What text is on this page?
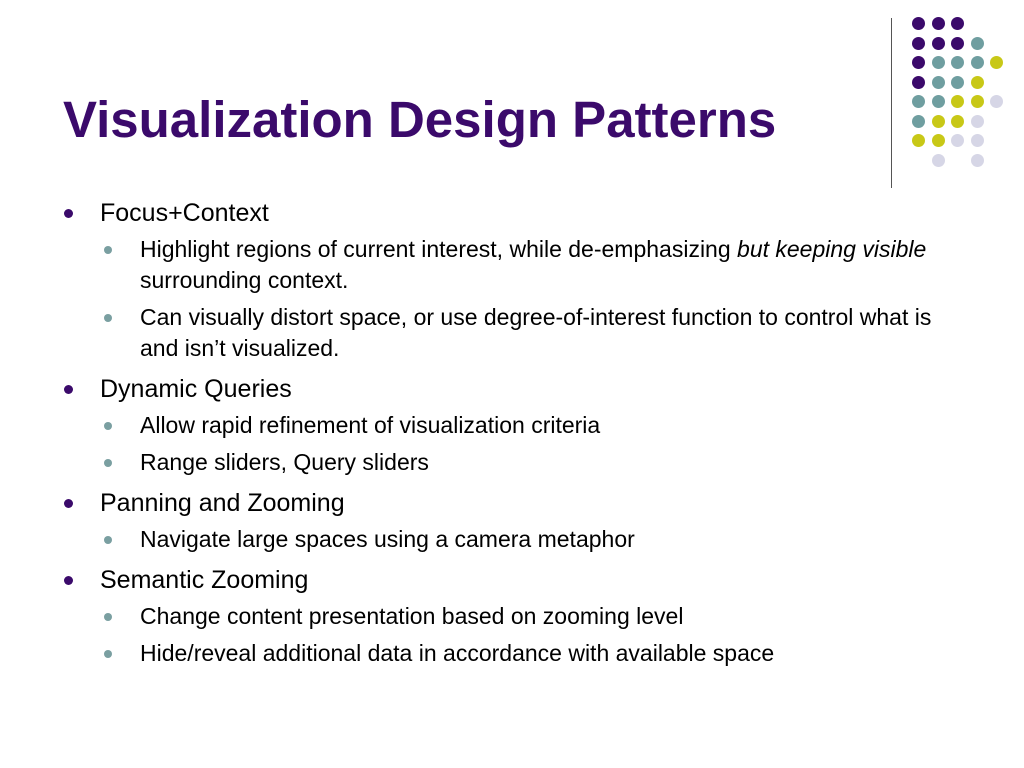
Visualization Design Patterns
Focus+Context
Highlight regions of current interest, while de-emphasizing but keeping visible surrounding context.
Can visually distort space, or use degree-of-interest function to control what is and isn’t visualized.
Dynamic Queries
Allow rapid refinement of visualization criteria
Range sliders, Query sliders
Panning and Zooming
Navigate large spaces using a camera metaphor
Semantic Zooming
Change content presentation based on zooming level
Hide/reveal additional data in accordance with available space
